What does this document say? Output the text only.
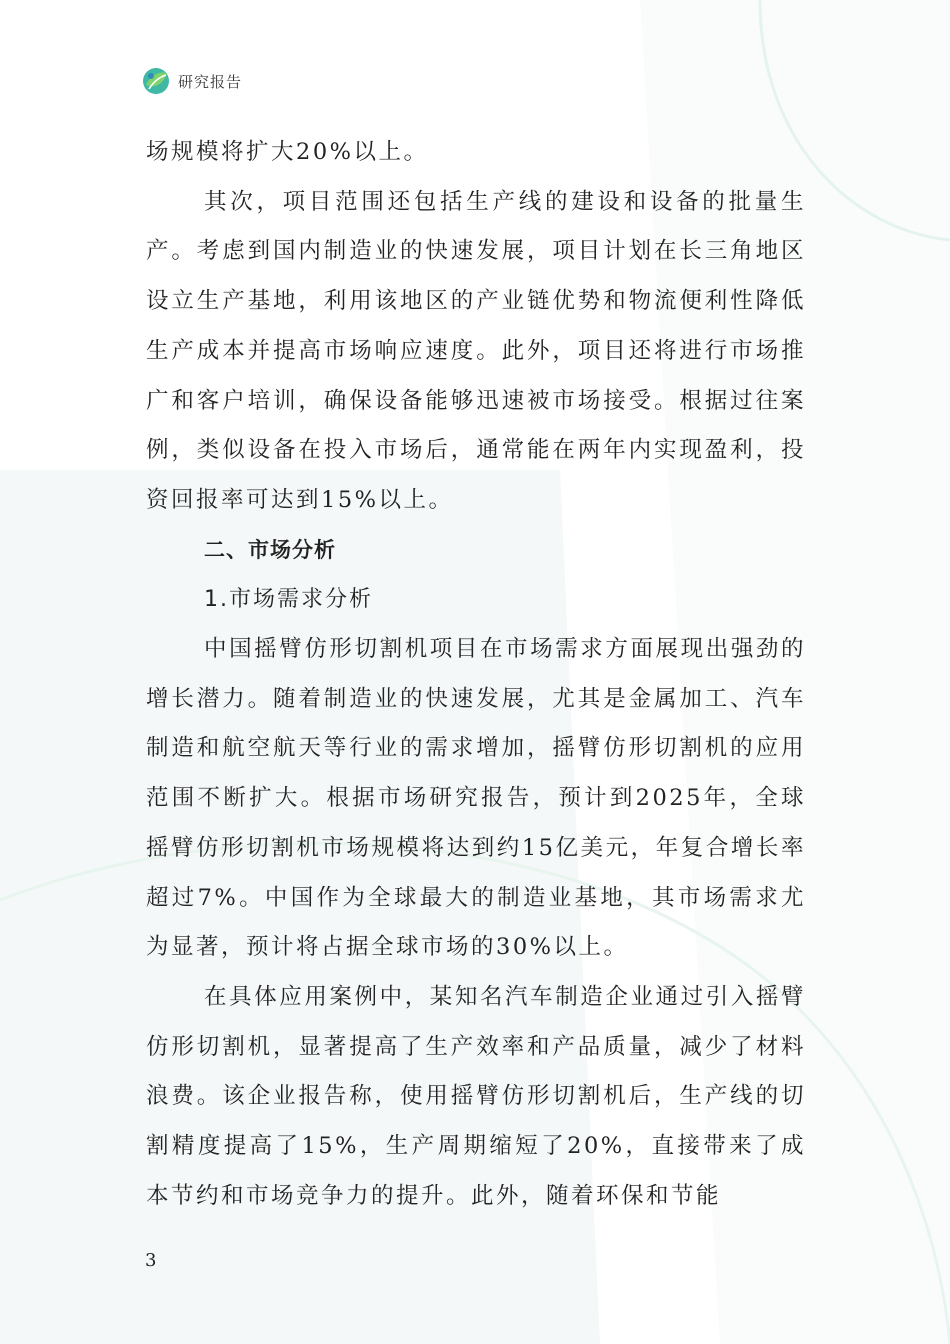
研究报告

场规模将扩大20%以上。

其次，项目范围还包括生产线的建设和设备的批量生产。考虑到国内制造业的快速发展，项目计划在长三角地区设立生产基地，利用该地区的产业链优势和物流便利性降低生产成本并提高市场响应速度。此外，项目还将进行市场推广和客户培训，确保设备能够迅速被市场接受。根据过往案例，类似设备在投入市场后，通常能在两年内实现盈利，投资回报率可达到15%以上。

二、市场分析

1.市场需求分析

中国摇臂仿形切割机项目在市场需求方面展现出强劲的增长潜力。随着制造业的快速发展，尤其是金属加工、汽车制造和航空航天等行业的需求增加，摇臂仿形切割机的应用范围不断扩大。根据市场研究报告，预计到2025年，全球摇臂仿形切割机市场规模将达到约15亿美元，年复合增长率超过7%。中国作为全球最大的制造业基地，其市场需求尤为显著，预计将占据全球市场的30%以上。

在具体应用案例中，某知名汽车制造企业通过引入摇臂仿形切割机，显著提高了生产效率和产品质量，减少了材料浪费。该企业报告称，使用摇臂仿形切割机后，生产线的切割精度提高了15%，生产周期缩短了20%，直接带来了成本节约和市场竞争力的提升。此外，随着环保和节能

3
